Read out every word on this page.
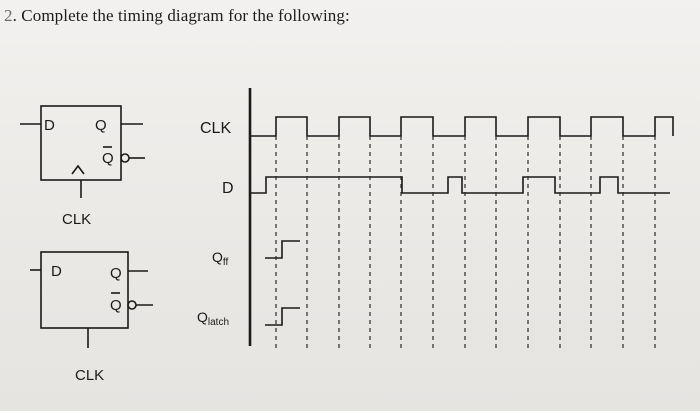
2. Complete the timing diagram for the following:
D	Q
Q
CLK
D	Q
Q
CLK
CLK
D
$Q_{ff}$
$Q_{latch}$
